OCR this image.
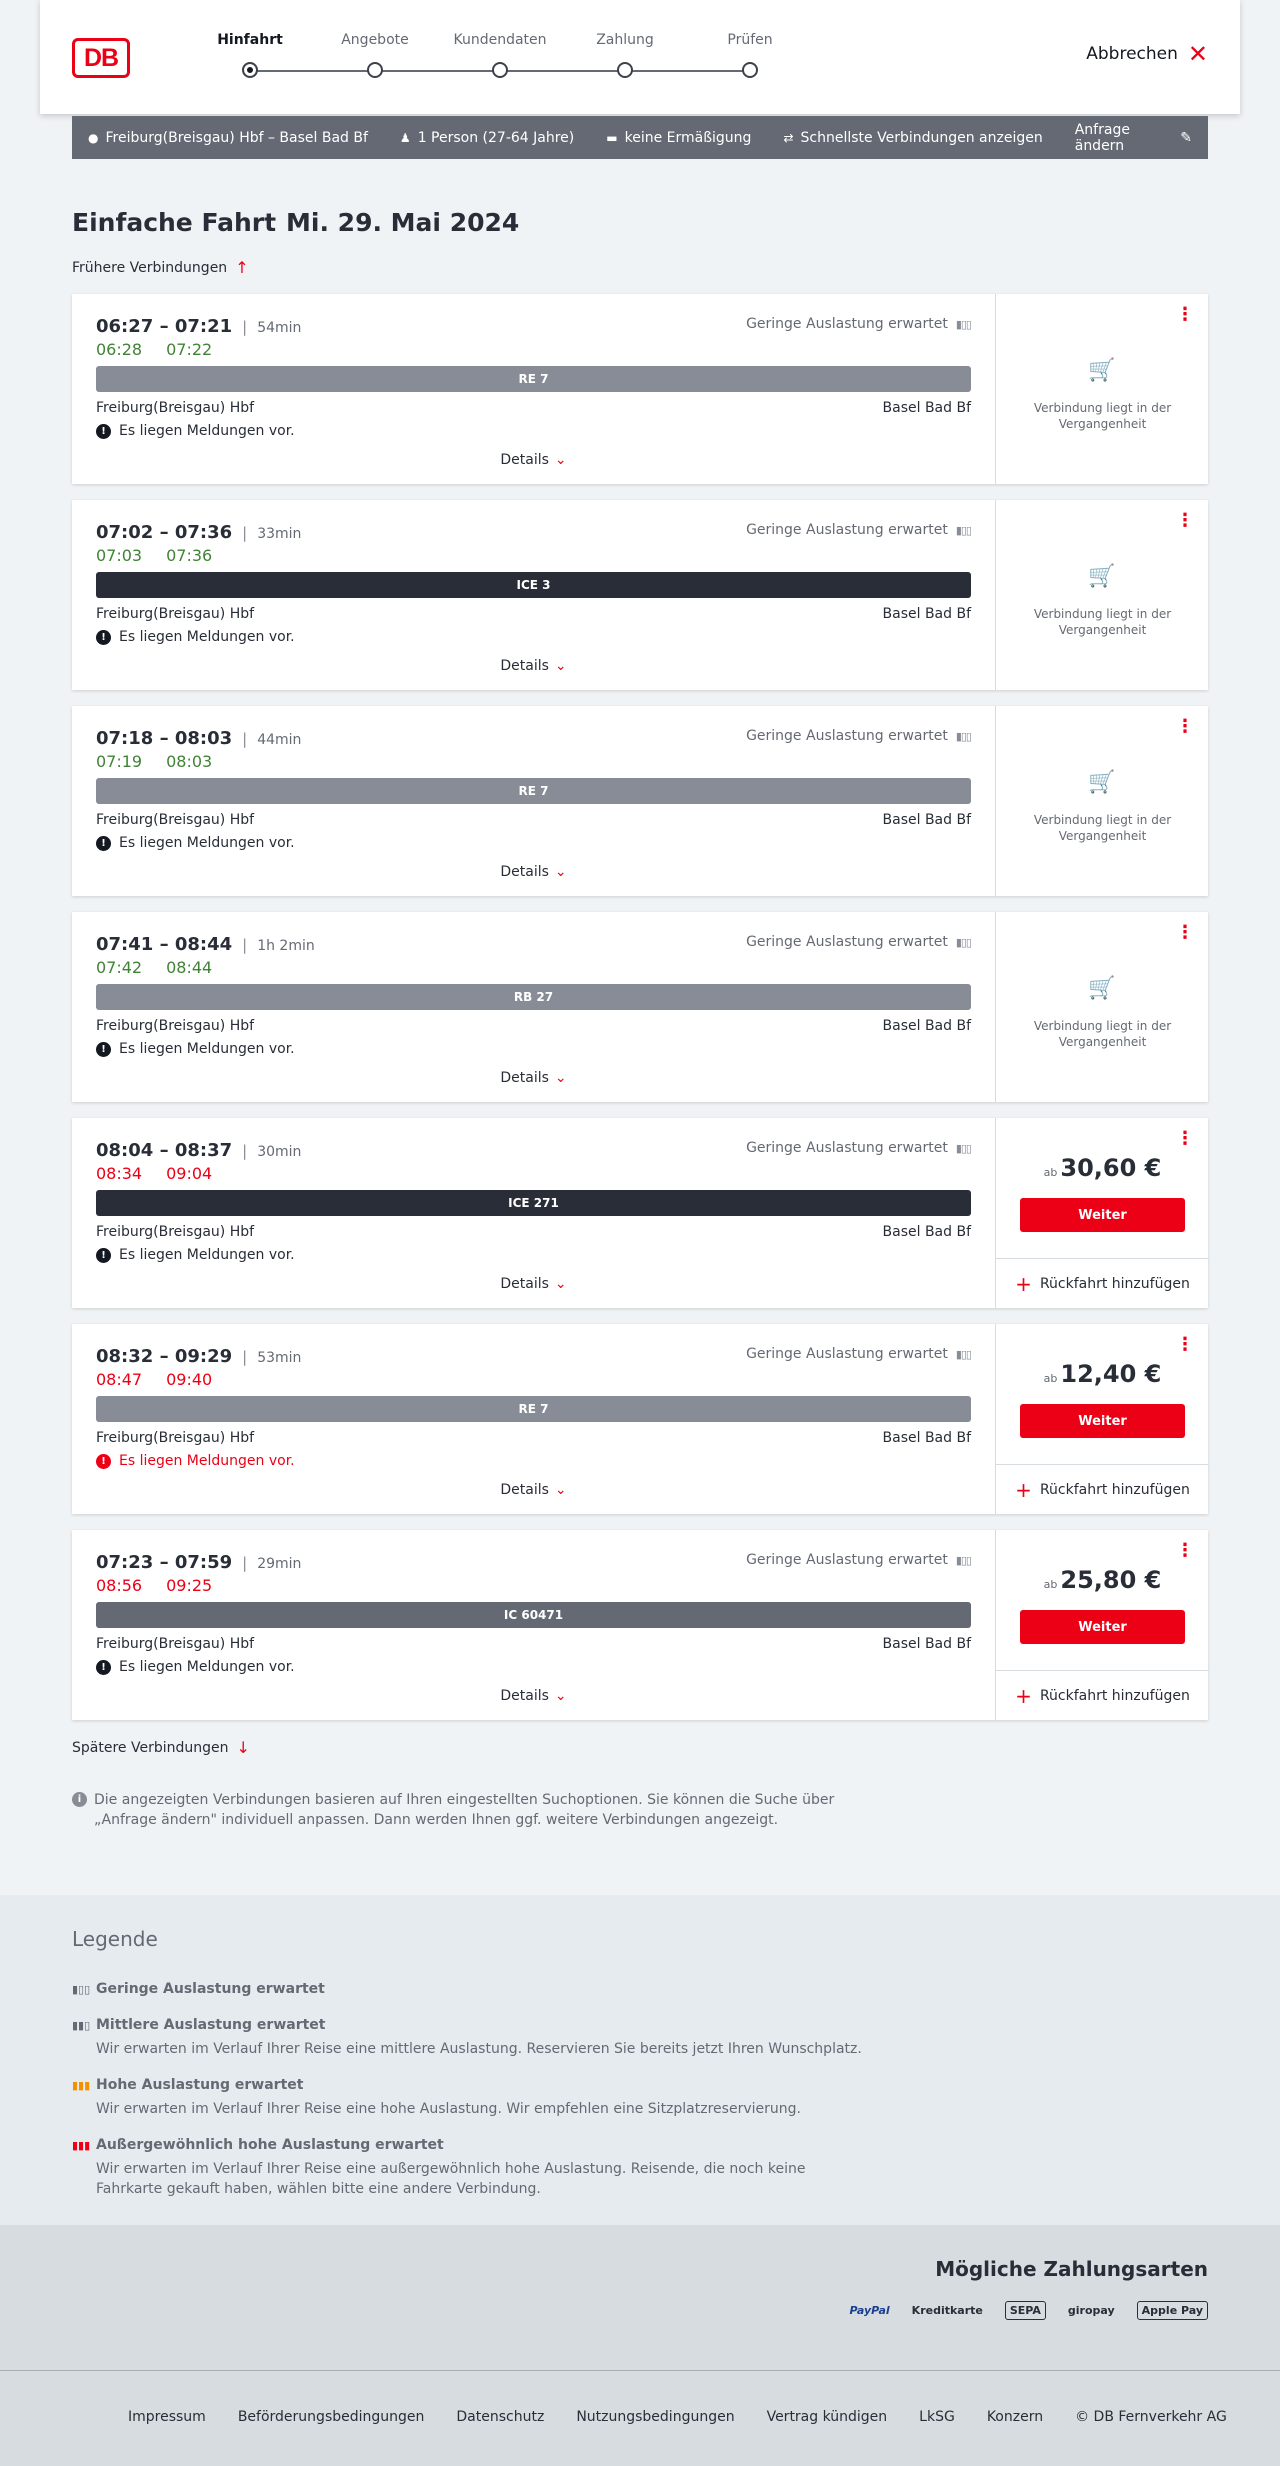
DB
Hinfahrt	Angebote	Kundendaten	Zahlung	Prüfen
Abbrechen ✕
● Freiburg(Breisgau) Hbf – Basel Bad Bf	♟ 1 Person (27-64 Jahre)	▬ keine Ermäßigung	⇄ Schnellste Verbindungen anzeigen Anfrage ändern	✎
Einfache Fahrt Mi. 29. Mai 2024
Frühere Verbindungen ↑
06:27 – 07:21 | 54min
06:28 07:22
Geringe Auslastung erwartet ▮▯▯
RE 7
Freiburg(Breisgau) Hbf	Basel Bad Bf
! Es liegen Meldungen vor.
Details ⌄
⋮
🛒
Verbindung liegt in der Vergangenheit
07:02 – 07:36 | 33min
07:03 07:36
Geringe Auslastung erwartet ▮▯▯
ICE 3
Freiburg(Breisgau) Hbf	Basel Bad Bf
! Es liegen Meldungen vor.
Details ⌄
⋮
🛒
Verbindung liegt in der Vergangenheit
07:18 – 08:03 | 44min
07:19 08:03
Geringe Auslastung erwartet ▮▯▯
RE 7
Freiburg(Breisgau) Hbf	Basel Bad Bf
! Es liegen Meldungen vor.
Details ⌄
⋮
🛒
Verbindung liegt in der Vergangenheit
07:41 – 08:44 | 1h 2min
07:42 08:44
Geringe Auslastung erwartet ▮▯▯
RB 27
Freiburg(Breisgau) Hbf	Basel Bad Bf
! Es liegen Meldungen vor.
Details ⌄
⋮
🛒
Verbindung liegt in der Vergangenheit
08:04 – 08:37 | 30min
08:34 09:04
Geringe Auslastung erwartet ▮▯▯
ICE 271
Freiburg(Breisgau) Hbf	Basel Bad Bf
! Es liegen Meldungen vor.
Details ⌄
⋮
ab 30,60 €
Weiter
+ Rückfahrt hinzufügen
08:32 – 09:29 | 53min
08:47 09:40
Geringe Auslastung erwartet ▮▯▯
RE 7
Freiburg(Breisgau) Hbf	Basel Bad Bf
! Es liegen Meldungen vor.
Details ⌄
⋮
ab 12,40 €
Weiter
+ Rückfahrt hinzufügen
07:23 – 07:59 | 29min
08:56 09:25
Geringe Auslastung erwartet ▮▯▯
IC 60471
Freiburg(Breisgau) Hbf	Basel Bad Bf
! Es liegen Meldungen vor.
Details ⌄
⋮
ab 25,80 €
Weiter
+ Rückfahrt hinzufügen
Spätere Verbindungen ↓
i Die angezeigten Verbindungen basieren auf Ihren eingestellten Suchoptionen. Sie können die Suche über „Anfrage ändern" individuell anpassen. Dann werden Ihnen ggf. weitere Verbindungen angezeigt.
Legende
▮▯▯ Geringe Auslastung erwartet
▮▮▯ Mittlere Auslastung erwartet
Wir erwarten im Verlauf Ihrer Reise eine mittlere Auslastung. Reservieren Sie bereits jetzt Ihren Wunschplatz.
▮▮▮ Hohe Auslastung erwartet
Wir erwarten im Verlauf Ihrer Reise eine hohe Auslastung. Wir empfehlen eine Sitzplatzreservierung.
▮▮▮ Außergewöhnlich hohe Auslastung erwartet
Wir erwarten im Verlauf Ihrer Reise eine außergewöhnlich hohe Auslastung. Reisende, die noch keine Fahrkarte gekauft haben, wählen bitte eine andere Verbindung.
Mögliche Zahlungsarten
PayPal Kreditkarte	SEPA	giropay	Apple Pay
Impressum Beförderungsbedingungen Datenschutz Nutzungsbedingungen Vertrag kündigen LkSG Konzern © DB Fernverkehr AG
